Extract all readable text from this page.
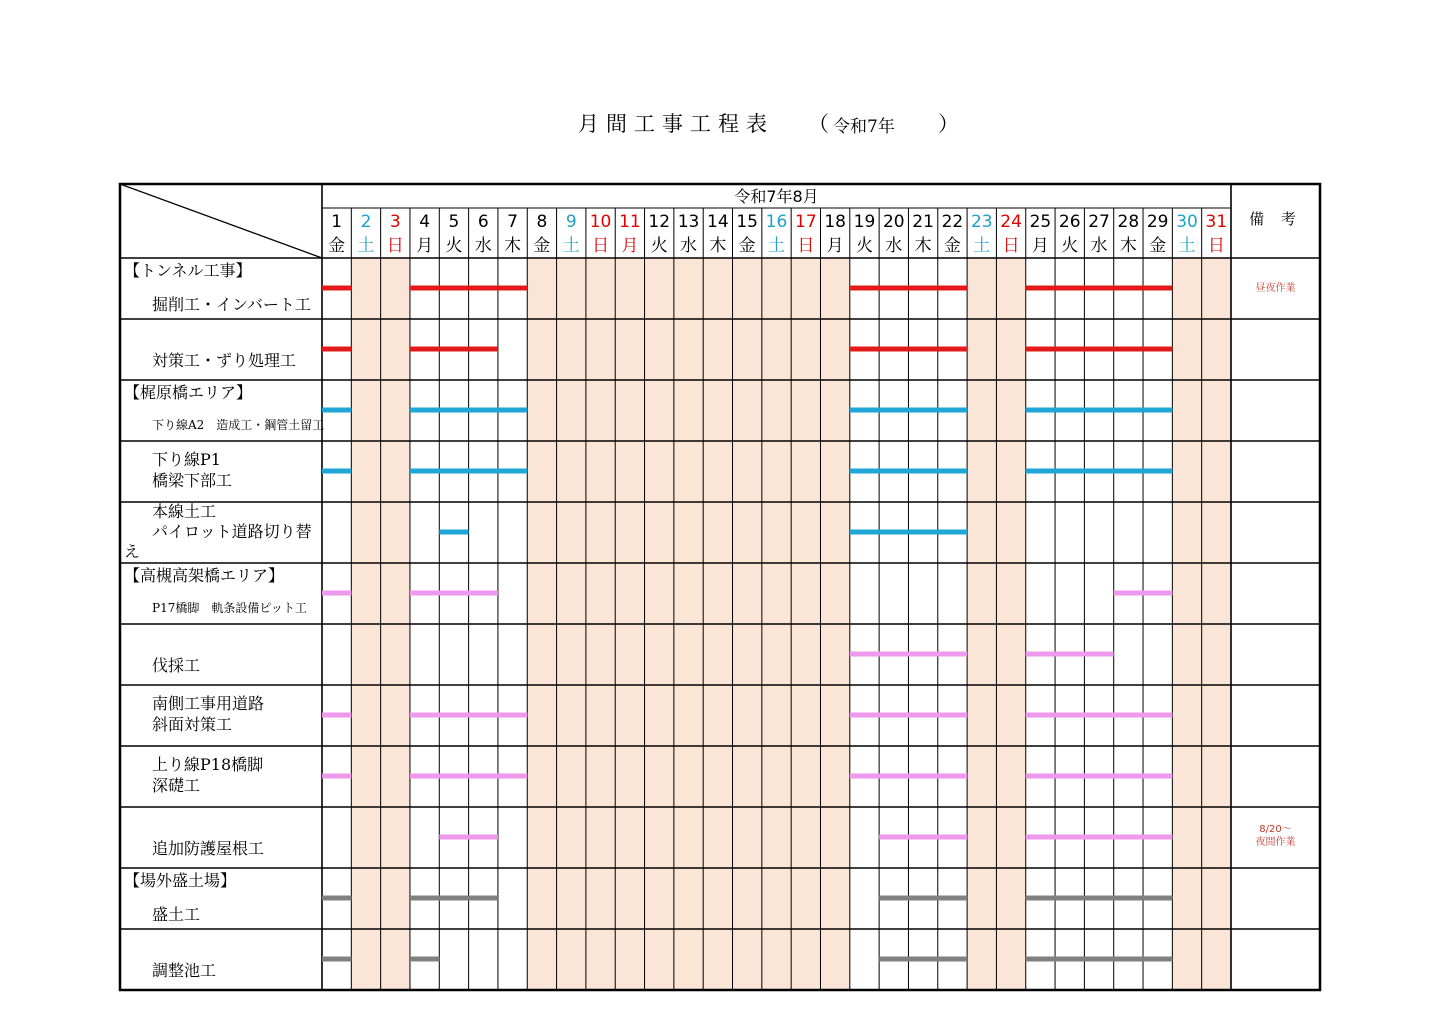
月間工事工程表 （ 令和7年 ）
1
金
2
土
3
日
4
月
5
火
6
水
7
木
8
金
9
土
10
日
11
月
12
火
13
水
14
木
15
金
16
土
17
日
18
月
19
火
20
水
21
木
22
金
23
土
24
日
25
月
26
火
27
水
28
木
29
金
30
土
31
日
令和7年8月
備 考
【トンネル工事】
掘削工・インバート工
昼夜作業
対策工・ずり処理工
【梶原橋エリア】
下り線A2　造成工・鋼管土留工
下り線P1
橋梁下部工
本線土工
パイロット道路切り替
え
【高槻高架橋エリア】
P17橋脚　軌条設備ピット工
伐採工
南側工事用道路
斜面対策工
上り線P18橋脚
深礎工
追加防護屋根工
8/20～
夜間作業
【場外盛土場】
盛土工
調整池工
